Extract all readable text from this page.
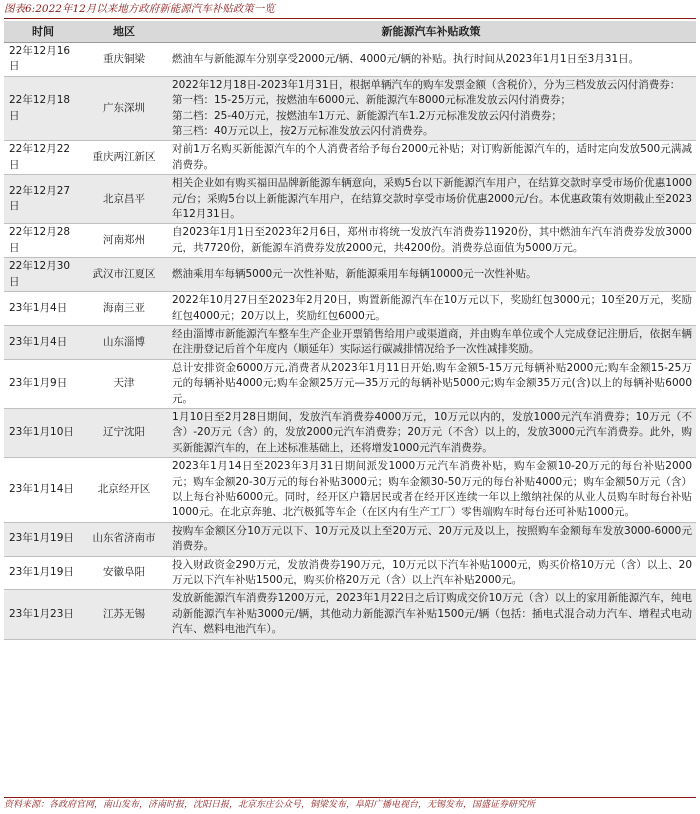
图表6:2022年12月以来地方政府新能源汽车补贴政策一览
时间	地区	新能源汽车补贴政策
22年12月16日	重庆铜梁	燃油车与新能源车分别享受2000元/辆、4000元/辆的补贴。执行时间从2023年1月1日至3月31日。
22年12月18日	广东深圳	2022年12月18日-2023年1月31日，根据单辆汽车的购车发票金额（含税价），分为三档发放云闪付消费券：
第一档：15-25万元，按燃油车6000元、新能源汽车8000元标准发放云闪付消费券；
第二档：25-40万元，按燃油车1万元、新能源汽车1.2万元标准发放云闪付消费券；
第三档：40万元以上，按2万元标准发放云闪付消费券。
22年12月22日	重庆两江新区	对前1万名购买新能源汽车的个人消费者给予每台2000元补贴；对订购新能源汽车的，适时定向发放500元满减消费券。
22年12月27日	北京昌平	相关企业如有购买福田品牌新能源车辆意向，采购5台以下新能源汽车用户，在结算交款时享受市场价优惠1000元/台；采购5台以上新能源汽车用户，在结算交款时享受市场价优惠2000元/台。本优惠政策有效期截止至2023年12月31日。
22年12月28日	河南郑州	自2023年1月1日至2023年2月6日，郑州市将统一发放汽车消费券11920份，其中燃油车汽车消费券发放3000元，共7720份，新能源车消费券发放2000元，共4200份。消费券总面值为5000万元。
22年12月30日	武汉市江夏区	燃油乘用车每辆5000元一次性补贴，新能源乘用车每辆10000元一次性补贴。
23年1月4日	海南三亚	2022年10月27日至2023年2月20日，购置新能源汽车在10万元以下，奖励红包3000元；10至20万元，奖励红包4000元；20万以上，奖励红包6000元。
23年1月4日	山东淄博	经由淄博市新能源汽车整车生产企业开票销售给用户或渠道商，并由购车单位或个人完成登记注册后，依据车辆在注册登记后首个年度内（顺延年）实际运行碳减排情况给予一次性减排奖励。
23年1月9日	天津	总计安排资金6000万元,消费者从2023年1月11日开始,购车金额5-15万元每辆补贴2000元;购车金额15-25万元的每辆补贴4000元;购车金额25万元—35万元的每辆补贴5000元;购车金额35万元(含)以上的每辆补贴6000元。
23年1月10日	辽宁沈阳	1月10日至2月28日期间，发放汽车消费券4000万元，10万元以内的，发放1000元汽车消费券；10万元（不含）-20万元（含）的，发放2000元汽车消费券；20万元（不含）以上的，发放3000元汽车消费券。此外，购买新能源汽车的，在上述标准基础上，还将增发1000元汽车消费券。
23年1月14日	北京经开区	2023年1月14日至2023年3月31日期间派发1000万元汽车消费补贴，购车金额10-20万元的每台补贴2000元；购车金额20-30万元的每台补贴3000元；购车金额30-50万元的每台补贴4000元；购车金额50万元（含）以上每台补贴6000元。同时，经开区户籍居民或者在经开区连续一年以上缴纳社保的从业人员购车时每台补贴1000元。在北京奔驰、北汽极狐等车企（在区内有生产工厂）零售端购车时每台还可补贴1000元。
23年1月19日	山东省济南市	按购车金额区分10万元以下、10万元及以上至20万元、20万元及以上，按照购车金额每车发放3000-6000元消费券。
23年1月19日	安徽阜阳	投入财政资金290万元，发放消费券190万元，10万元以下汽车补贴1000元，购买价格10万元（含）以上、20万元以下汽车补贴1500元，购买价格20万元（含）以上汽车补贴2000元。
23年1月23日	江苏无锡	发放新能源汽车消费券1200万元，2023年1月22日之后订购成交价10万元（含）以上的家用新能源汽车，纯电动新能源汽车补贴3000元/辆，其他动力新能源汽车补贴1500元/辆（包括：插电式混合动力汽车、增程式电动汽车、燃料电池汽车）。
资料来源：各政府官网，南山发布，济南时报，沈阳日报，北京东庄公众号，铜梁发布，阜阳广播电视台，无锡发布，国盛证券研究所
